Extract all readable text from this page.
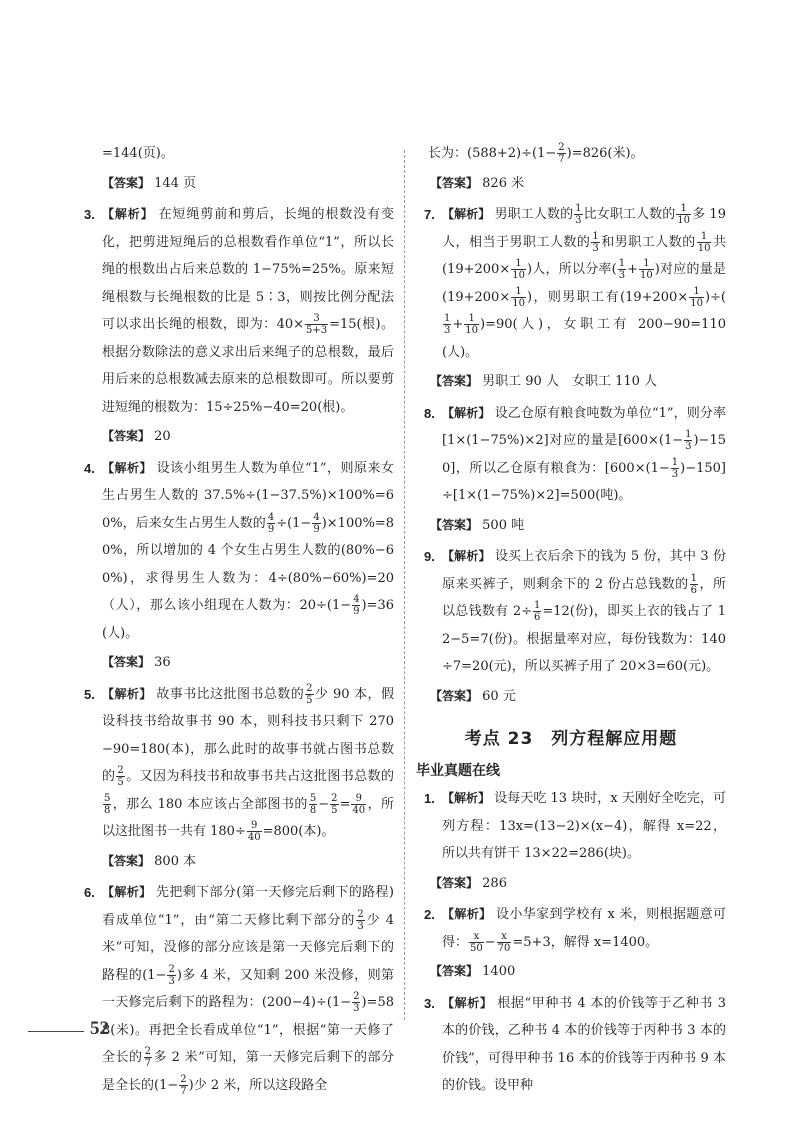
=144(页)。

【答案】 144 页

3. 【解析】 在短绳剪前和剪后，长绳的根数没有变化，把剪进短绳后的总根数看作单位“1”，所以长绳的根数出占后来总数的 1−75%=25%。原来短绳根数与长绳根数的比是 5∶3，则按比例分配法可以求出长绳的根数，即为：$40\times \frac{3}{5+3} =15$(根)。根据分数除法的意义求出后来绳子的总根数，最后用后来的总根数减去原来的总根数即可。所以要剪进短绳的根数为：15÷25%−40=20(根)。

【答案】 20

4. 【解析】 设该小组男生人数为单位“1”，则原来女生占男生人数的 37.5%÷(1−37.5%)×100%=60%，后来女生占男生人数的 $\frac{4}{9} \div(1- \frac{4}{9} )\times 100\%=80\%$，所以增加的 4 个女生占男生人数的(80%−60%)，求得男生人数为：4÷(80%−60%)=20（人），那么该小组现在人数为：$20\div(1- \frac{4}{9} )=36$(人)。

【答案】 36

5. 【解析】 故事书比这批图书总数的 $\frac{2}{5}$ 少 90 本，假设科技书给故事书 90 本，则科技书只剩下 270−90=180(本)，那么此时的故事书就占图书总数的 $\frac{2}{5}$ 。又因为科技书和故事书共占这批图书总数的
$\frac{5}{8}$ ，那么 180 本应该占全部图书的 $\frac{5}{8} - \frac{2}{5} = \frac{9}{40}$ ，所以这批图书一共有 $180\div \frac{9}{40} =800$(本)。

【答案】 800 本

6. 【解析】 先把剩下部分(第一天修完后剩下的路程)看成单位“1”，由“第二天修比剩下部分的 $\frac{2}{3}$ 少 4 米”可知，没修的部分应该是第一天修完后剩下的路程的($1- \frac{2}{3}$ )多 4 米，又知剩 200 米没修，则第一天修完后剩下的路程为：$(200-4)\div(1- \frac{2}{3} )=588$(米)。再把全长看成单位“1”，根据“第一天修了全长的 $\frac{2}{7}$ 多 2 米”可知，第一天修完后剩下的部分是全长的($1- \frac{2}{7}$ )少 2 米，所以这段路全

长为：$(588+2)\div(1- \frac{2}{7} )=826$(米)。

【答案】 826 米

7. 【解析】 男职工人数的 $\frac{1}{3}$ 比女职工人数的 $\frac{1}{10}$ 多 19 人，相当于男职工人数的 $\frac{1}{3}$ 和男职工人数的 $\frac{1}{10}$ 共($19+200\times \frac{1}{10}$ )人，所以分率( $\frac{1}{3} + \frac{1}{10}$ )对应的量是($19+200\times \frac{1}{10}$ )，则男职工有($19+200\times \frac{1}{10}$ )÷(
$\frac{1}{3} + \frac{1}{10} )=90$(人)，女职工有 200−90=110(人)。

【答案】 男职工 90 人　女职工 110 人

8. 【解析】 设乙仓原有粮食吨数为单位“1”，则分率[1×(1−75%)×2]对应的量是$[600\times(1- \frac{1}{3} )-150]$，所以乙仓原有粮食为：$[600\times(1- \frac{1}{3} )-150]\div[1\times(1-75\%)\times 2]=500$(吨)。

【答案】 500 吨

9. 【解析】 设买上衣后余下的钱为 5 份，其中 3 份原来买裤子，则剩余下的 2 份占总钱数的 $\frac{1}{6}$ ，所以总钱数有 $2\div \frac{1}{6} =12$(份)，即买上衣的钱占了 12−5=7(份)。根据量率对应，每份钱数为：140÷7=20(元)，所以买裤子用了 20×3=60(元)。

【答案】 60 元

考点 23　列方程解应用题

毕业真题在线

1. 【解析】 设每天吃 13 块时，x 天刚好全吃完，可列方程：13x=(13−2)×(x−4)，解得 x=22，所以共有饼干 13×22=286(块)。

【答案】 286

2. 【解析】 设小华家到学校有 x 米，则根据题意可得： $\frac{x}{50} - \frac{x}{70} =5+3$，解得 x=1400。

【答案】 1400

3. 【解析】 根据“甲种书 4 本的价钱等于乙种书 3 本的价钱，乙种书 4 本的价钱等于丙种书 3 本的价钱”，可得甲种书 16 本的价钱等于丙种书 9 本的价钱。设甲种
52
